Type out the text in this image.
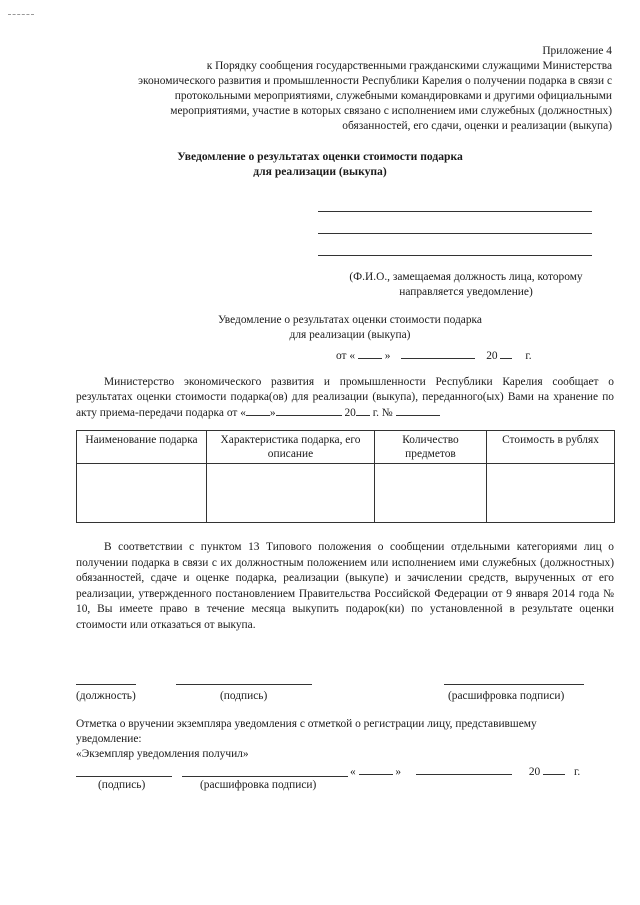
Приложение 4
к Порядку сообщения государственными гражданскими служащими Министерства
экономического развития и промышленности Республики Карелия о получении подарка в связи с
протокольными мероприятиями, служебными командировками и другими официальными
мероприятиями, участие в которых связано с исполнением ими служебных (должностных)
обязанностей, его сдачи, оценки и реализации (выкупа)
Уведомление о результатах оценки стоимости подарка
для реализации (выкупа)
(Ф.И.О., замещаемая должность лица, которому
направляется уведомление)
Уведомление о результатах оценки стоимости подарка
для реализации (выкупа)
от «	»	20 г.
Министерство экономического развития и промышленности Республики Карелия сообщает о результатах оценки стоимости подарка(ов) для реализации (выкупа), переданного(ых) Вами на хранение по акту приема-передачи подарка от « »	20 г. №
Наименование подарка	Характеристика подарка, его описание	Количество предметов	Стоимость в рублях

В соответствии с пунктом 13 Типового положения о сообщении отдельными категориями лиц о получении подарка в связи с их должностным положением или исполнением ими служебных (должностных) обязанностей, сдаче и оценке подарка, реализации (выкупе) и зачислении средств, вырученных от его реализации, утвержденного постановлением Правительства Российской Федерации от 9 января 2014 года № 10, Вы имеете право в течение месяца выкупить подарок(ки) по установленной в результате оценки стоимости или отказаться от выкупа.
(должность)	(подпись)	(расшифровка подписи)
Отметка о вручении экземпляра уведомления с отметкой о регистрации лицу, представившему
уведомление:
«Экземпляр уведомления получил»
«	»	20	г.
(подпись)	(расшифровка подписи)
